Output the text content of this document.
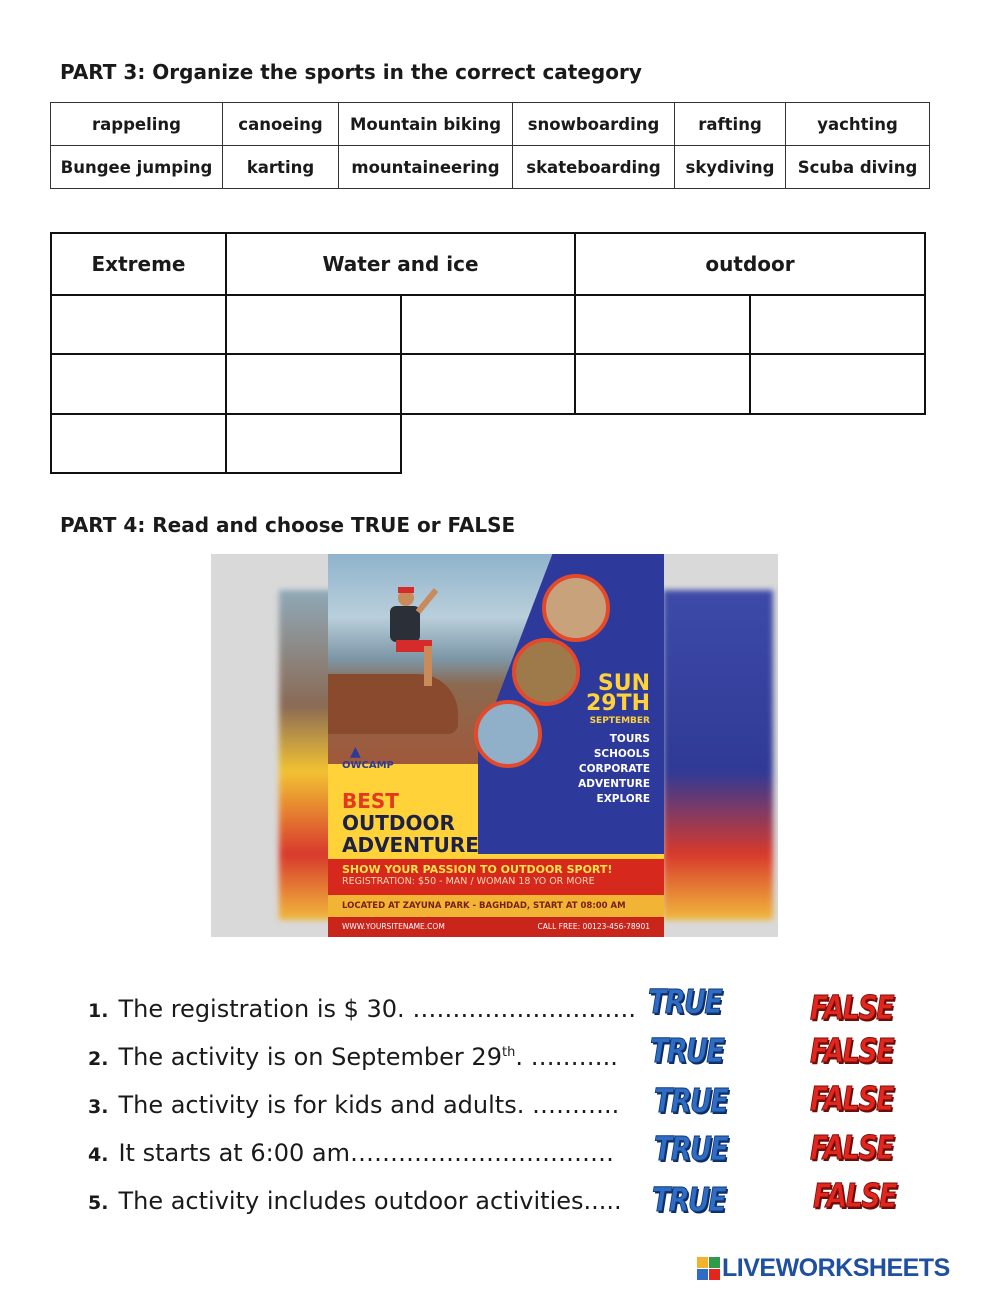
PART 3: Organize the sports in the correct category
rappeling	canoeing	Mountain biking	snowboarding	rafting	yachting
Bungee jumping	karting	mountaineering	skateboarding	skydiving	Scuba diving
Extreme	Water and ice		outdoor	

PART 4: Read and choose TRUE or FALSE

SUN

29TH

SEPTEMBER

TOURS
SCHOOLS
CORPORATE
ADVENTURE
EXPLORE
▲
OWCAMP
BEST
OUTDOOR
ADVENTURE
SHOW YOUR PASSION TO OUTDOOR SPORT!
REGISTRATION: $50 - MAN / WOMAN 18 YO OR MORE
LOCATED AT ZAYUNA PARK - BAGHDAD, START AT 08:00 AM
WWW.YOURSITENAME.COM	CALL FREE: 00123-456-78901
1. The registration is $ 30. ……………………….
2. The activity is on September 29th. ………..
3. The activity is for kids and adults. ………..
4. It starts at 6:00 am……………………………
5. The activity includes outdoor activities.....
TRUE	FALSE
TRUE	FALSE
TRUE	FALSE
TRUE	FALSE
TRUE	FALSE
LIVEWORKSHEETS
